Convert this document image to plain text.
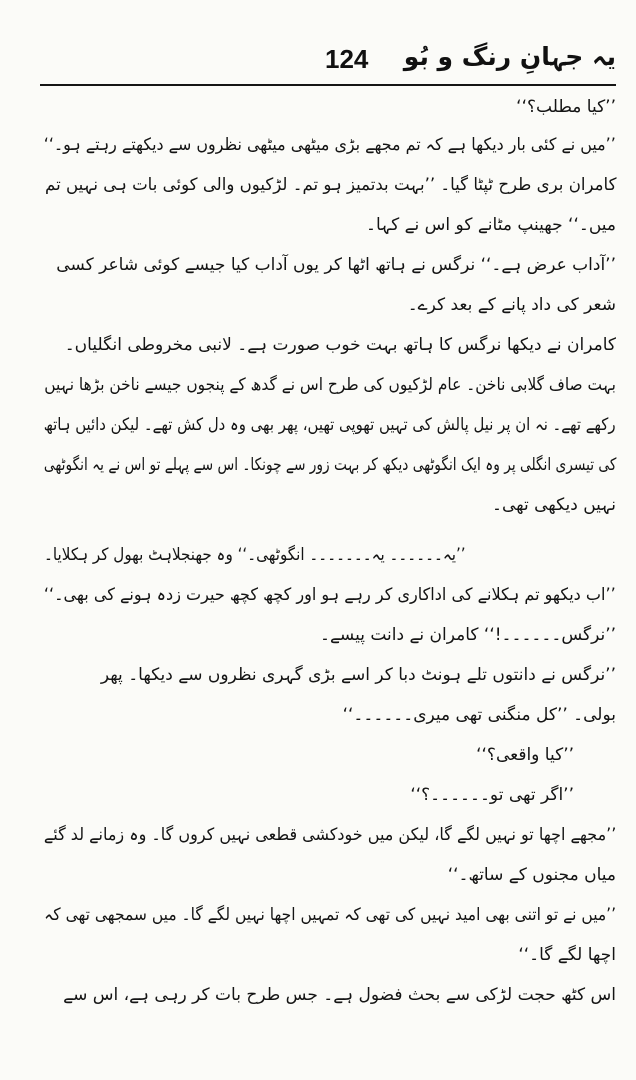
124 یہ جہانِ رنگ و بُو
’’کیا مطلب؟‘‘
’’میں نے کئی بار دیکھا ہے کہ تم مجھے بڑی میٹھی میٹھی نظروں سے دیکھتے رہتے ہو۔‘‘
کامران بری طرح ٹپٹا گیا۔ ’’بہت بدتمیز ہو تم۔ لڑکیوں والی کوئی بات ہی نہیں تم
میں۔‘‘ جھینپ مٹانے کو اس نے کہا۔
’’آداب عرض ہے۔‘‘ نرگس نے ہاتھ اٹھا کر یوں آداب کیا جیسے کوئی شاعر کسی
شعر کی داد پانے کے بعد کرے۔
کامران نے دیکھا نرگس کا ہاتھ بہت خوب صورت ہے۔ لانبی مخروطی انگلیاں۔
بہت صاف گلابی ناخن۔ عام لڑکیوں کی طرح اس نے گدھ کے پنجوں جیسے ناخن بڑھا نہیں
رکھے تھے۔ نہ ان پر نیل پالش کی تہیں تھوپی تھیں، پھر بھی وہ دل کش تھے۔ لیکن دائیں ہاتھ
کی تیسری انگلی پر وہ ایک انگوٹھی دیکھ کر بہت زور سے چونکا۔ اس سے پہلے تو اس نے یہ انگوٹھی
نہیں دیکھی تھی۔
’’یہ۔۔۔۔۔۔ یہ۔۔۔۔۔۔۔ انگوٹھی۔‘‘ وہ جھنجلاہٹ بھول کر ہکلایا۔
’’اب دیکھو تم ہکلانے کی اداکاری کر رہے ہو اور کچھ کچھ حیرت زدہ ہونے کی بھی۔‘‘
’’نرگس۔۔۔۔۔۔!‘‘ کامران نے دانت پیسے۔
’’نرگس نے دانتوں تلے ہونٹ دبا کر اسے بڑی گہری نظروں سے دیکھا۔ پھر
بولی۔ ’’کل منگنی تھی میری۔۔۔۔۔۔‘‘
’’کیا واقعی؟‘‘
’’اگر تھی تو۔۔۔۔۔۔؟‘‘
’’مجھے اچھا تو نہیں لگے گا، لیکن میں خودکشی قطعی نہیں کروں گا۔ وہ زمانے لد گئے
میاں مجنوں کے ساتھ۔‘‘
’’میں نے تو اتنی بھی امید نہیں کی تھی کہ تمہیں اچھا نہیں لگے گا۔ میں سمجھی تھی کہ
اچھا لگے گا۔‘‘
اس کٹھ حجت لڑکی سے بحث فضول ہے۔ جس طرح بات کر رہی ہے، اس سے
